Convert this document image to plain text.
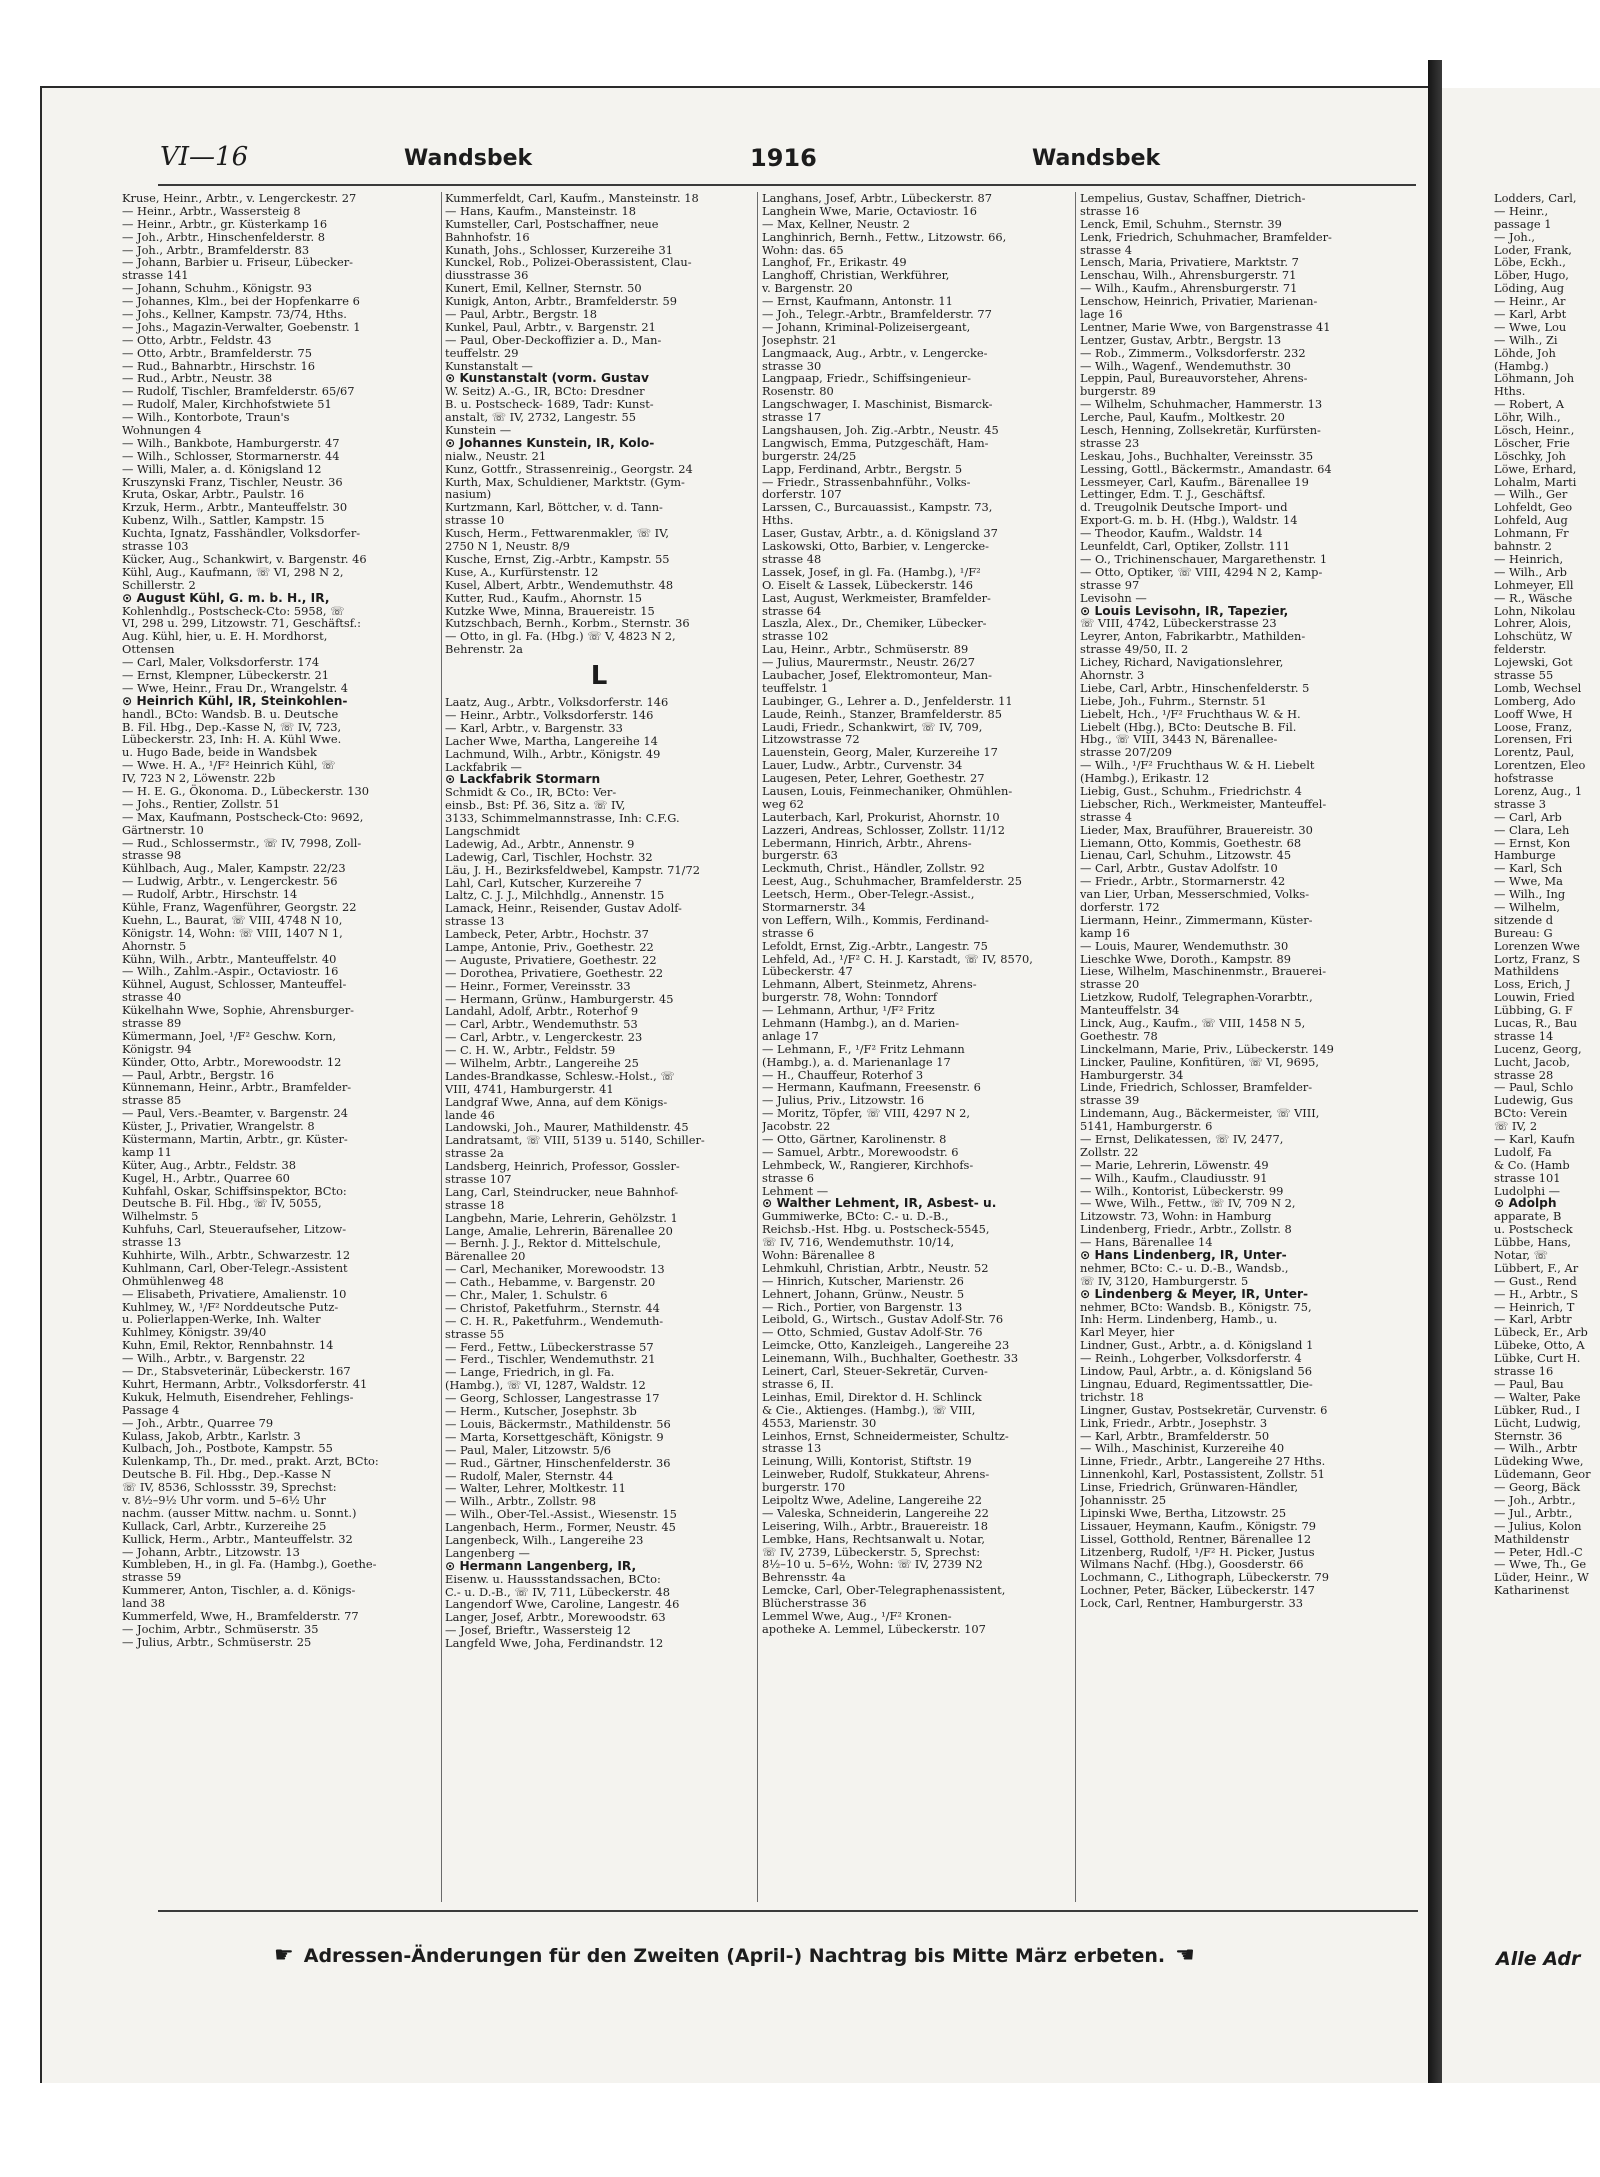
VI—16	Wandsbek	1916	Wandsbek
Kruse, Heinr., Arbtr., v. Lengerckestr. 27
— Heinr., Arbtr., Wassersteig 8
— Heinr., Arbtr., gr. Küsterkamp 16
— Joh., Arbtr., Hinschenfelderstr. 8
— Joh., Arbtr., Bramfelderstr. 83
— Johann, Barbier u. Friseur, Lübecker-
strasse 141
— Johann, Schuhm., Königstr. 93
— Johannes, Klm., bei der Hopfenkarre 6
— Johs., Kellner, Kampstr. 73/74, Hths.
— Johs., Magazin-Verwalter, Goebenstr. 1
— Otto, Arbtr., Feldstr. 43
— Otto, Arbtr., Bramfelderstr. 75
— Rud., Bahnarbtr., Hirschstr. 16
— Rud., Arbtr., Neustr. 38
— Rudolf, Tischler, Bramfelderstr. 65/67
— Rudolf, Maler, Kirchhofstwiete 51
— Wilh., Kontorbote, Traun's
Wohnungen 4
— Wilh., Bankbote, Hamburgerstr. 47
— Wilh., Schlosser, Stormarnerstr. 44
— Willi, Maler, a. d. Königsland 12
Kruszynski Franz, Tischler, Neustr. 36
Kruta, Oskar, Arbtr., Paulstr. 16
Krzuk, Herm., Arbtr., Manteuffelstr. 30
Kubenz, Wilh., Sattler, Kampstr. 15
Kuchta, Ignatz, Fasshändler, Volksdorfer-
strasse 103
Kücker, Aug., Schankwirt, v. Bargenstr. 46
Kühl, Aug., Kaufmann, ☏ VI, 298 N 2,
Schillerstr. 2
⊙ August Kühl, G. m. b. H., IR,
Kohlenhdlg., Postscheck-Cto: 5958, ☏
VI, 298 u. 299, Litzowstr. 71, Geschäftsf.:
Aug. Kühl, hier, u. E. H. Mordhorst,
Ottensen
— Carl, Maler, Volksdorferstr. 174
— Ernst, Klempner, Lübeckerstr. 21
— Wwe, Heinr., Frau Dr., Wrangelstr. 4
⊙ Heinrich Kühl, IR, Steinkohlen-
handl., BCto: Wandsb. B. u. Deutsche
B. Fil. Hbg., Dep.-Kasse N, ☏ IV, 723,
Lübeckerstr. 23, Inh: H. A. Kühl Wwe.
u. Hugo Bade, beide in Wandsbek
— Wwe. H. A., ¹/F² Heinrich Kühl, ☏
IV, 723 N 2, Löwenstr. 22b
— H. E. G., Ökonoma. D., Lübeckerstr. 130
— Johs., Rentier, Zollstr. 51
— Max, Kaufmann, Postscheck-Cto: 9692,
Gärtnerstr. 10
— Rud., Schlossermstr., ☏ IV, 7998, Zoll-
strasse 98
Kühlbach, Aug., Maler, Kampstr. 22/23
— Ludwig, Arbtr., v. Lengerckestr. 56
— Rudolf, Arbtr., Hirschstr. 14
Kühle, Franz, Wagenführer, Georgstr. 22
Kuehn, L., Baurat, ☏ VIII, 4748 N 10,
Königstr. 14, Wohn: ☏ VIII, 1407 N 1,
Ahornstr. 5
Kühn, Wilh., Arbtr., Manteuffelstr. 40
— Wilh., Zahlm.-Aspir., Octaviostr. 16
Kühnel, August, Schlosser, Manteuffel-
strasse 40
Kükelhahn Wwe, Sophie, Ahrensburger-
strasse 89
Kümermann, Joel, ¹/F² Geschw. Korn,
Königstr. 94
Künder, Otto, Arbtr., Morewoodstr. 12
— Paul, Arbtr., Bergstr. 16
Künnemann, Heinr., Arbtr., Bramfelder-
strasse 85
— Paul, Vers.-Beamter, v. Bargenstr. 24
Küster, J., Privatier, Wrangelstr. 8
Küstermann, Martin, Arbtr., gr. Küster-
kamp 11
Küter, Aug., Arbtr., Feldstr. 38
Kugel, H., Arbtr., Quarree 60
Kuhfahl, Oskar, Schiffsinspektor, BCto:
Deutsche B. Fil. Hbg., ☏ IV, 5055,
Wilhelmstr. 5
Kuhfuhs, Carl, Steueraufseher, Litzow-
strasse 13
Kuhhirte, Wilh., Arbtr., Schwarzestr. 12
Kuhlmann, Carl, Ober-Telegr.-Assistent
Ohmühlenweg 48
— Elisabeth, Privatiere, Amalienstr. 10
Kuhlmey, W., ¹/F² Norddeutsche Putz-
u. Polierlappen-Werke, Inh. Walter
Kuhlmey, Königstr. 39/40
Kuhn, Emil, Rektor, Rennbahnstr. 14
— Wilh., Arbtr., v. Bargenstr. 22
— Dr., Stabsveterinär, Lübeckerstr. 167
Kuhrt, Hermann, Arbtr., Volksdorferstr. 41
Kukuk, Helmuth, Eisendreher, Fehlings-
Passage 4
— Joh., Arbtr., Quarree 79
Kulass, Jakob, Arbtr., Karlstr. 3
Kulbach, Joh., Postbote, Kampstr. 55
Kulenkamp, Th., Dr. med., prakt. Arzt, BCto:
Deutsche B. Fil. Hbg., Dep.-Kasse N
☏ IV, 8536, Schlossstr. 39, Sprechst:
v. 8½–9½ Uhr vorm. und 5–6½ Uhr
nachm. (ausser Mittw. nachm. u. Sonnt.)
Kullack, Carl, Arbtr., Kurzereihe 25
Kullick, Herm., Arbtr., Manteuffelstr. 32
— Johann, Arbtr., Litzowstr. 13
Kumbleben, H., in gl. Fa. (Hambg.), Goethe-
strasse 59
Kummerer, Anton, Tischler, a. d. Königs-
land 38
Kummerfeld, Wwe, H., Bramfelderstr. 77
— Jochim, Arbtr., Schmüserstr. 35
— Julius, Arbtr., Schmüserstr. 25
Kummerfeldt, Carl, Kaufm., Mansteinstr. 18
— Hans, Kaufm., Mansteinstr. 18
Kumsteller, Carl, Postschaffner, neue
Bahnhofstr. 16
Kunath, Johs., Schlosser, Kurzereihe 31
Kunckel, Rob., Polizei-Oberassistent, Clau-
diusstrasse 36
Kunert, Emil, Kellner, Sternstr. 50
Kunigk, Anton, Arbtr., Bramfelderstr. 59
— Paul, Arbtr., Bergstr. 18
Kunkel, Paul, Arbtr., v. Bargenstr. 21
— Paul, Ober-Deckoffizier a. D., Man-
teuffelstr. 29
Kunstanstalt —
⊙ Kunstanstalt (vorm. Gustav
W. Seitz) A.-G., IR, BCto: Dresdner
B. u. Postscheck- 1689, Tadr: Kunst-
anstalt, ☏ IV, 2732, Langestr. 55
Kunstein —
⊙ Johannes Kunstein, IR, Kolo-
nialw., Neustr. 21
Kunz, Gottfr., Strassenreinig., Georgstr. 24
Kurth, Max, Schuldiener, Marktstr. (Gym-
nasium)
Kurtzmann, Karl, Böttcher, v. d. Tann-
strasse 10
Kusch, Herm., Fettwarenmakler, ☏ IV,
2750 N 1, Neustr. 8/9
Kusche, Ernst, Zig.-Arbtr., Kampstr. 55
Kuse, A., Kurfürstenstr. 12
Kusel, Albert, Arbtr., Wendemuthstr. 48
Kutter, Rud., Kaufm., Ahornstr. 15
Kutzke Wwe, Minna, Brauereistr. 15
Kutzschbach, Bernh., Korbm., Sternstr. 36
— Otto, in gl. Fa. (Hbg.) ☏ V, 4823 N 2,
Behrenstr. 2a
L
Laatz, Aug., Arbtr., Volksdorferstr. 146
— Heinr., Arbtr., Volksdorferstr. 146
— Karl, Arbtr., v. Bargenstr. 33
Lacher Wwe, Martha, Langereihe 14
Lachmund, Wilh., Arbtr., Königstr. 49
Lackfabrik —
⊙ Lackfabrik Stormarn
Schmidt & Co., IR, BCto: Ver-
einsb., Bst: Pf. 36, Sitz a. ☏ IV,
3133, Schimmelmannstrasse, Inh: C.F.G.
Langschmidt
Ladewig, Ad., Arbtr., Annenstr. 9
Ladewig, Carl, Tischler, Hochstr. 32
Läu, J. H., Bezirksfeldwebel, Kampstr. 71/72
Lahl, Carl, Kutscher, Kurzereihe 7
Laltz, C. J. J., Milchhdlg., Annenstr. 15
Lamack, Heinr., Reisender, Gustav Adolf-
strasse 13
Lambeck, Peter, Arbtr., Hochstr. 37
Lampe, Antonie, Priv., Goethestr. 22
— Auguste, Privatiere, Goethestr. 22
— Dorothea, Privatiere, Goethestr. 22
— Heinr., Former, Vereinsstr. 33
— Hermann, Grünw., Hamburgerstr. 45
Landahl, Adolf, Arbtr., Roterhof 9
— Carl, Arbtr., Wendemuthstr. 53
— Carl, Arbtr., v. Lengerckestr. 23
— C. H. W., Arbtr., Feldstr. 59
— Wilhelm, Arbtr., Langereihe 25
Landes-Brandkasse, Schlesw.-Holst., ☏
VIII, 4741, Hamburgerstr. 41
Landgraf Wwe, Anna, auf dem Königs-
lande 46
Landowski, Joh., Maurer, Mathildenstr. 45
Landratsamt, ☏ VIII, 5139 u. 5140, Schiller-
strasse 2a
Landsberg, Heinrich, Professor, Gossler-
strasse 107
Lang, Carl, Steindrucker, neue Bahnhof-
strasse 18
Langbehn, Marie, Lehrerin, Gehölzstr. 1
Lange, Amalie, Lehrerin, Bärenallee 20
— Bernh. J. J., Rektor d. Mittelschule,
Bärenallee 20
— Carl, Mechaniker, Morewoodstr. 13
— Cath., Hebamme, v. Bargenstr. 20
— Chr., Maler, 1. Schulstr. 6
— Christof, Paketfuhrm., Sternstr. 44
— C. H. R., Paketfuhrm., Wendemuth-
strasse 55
— Ferd., Fettw., Lübeckerstrasse 57
— Ferd., Tischler, Wendemuthstr. 21
— Lange, Friedrich, in gl. Fa.
(Hambg.), ☏ VI, 1287, Waldstr. 12
— Georg, Schlosser, Langestrasse 17
— Herm., Kutscher, Josephstr. 3b
— Louis, Bäckermstr., Mathildenstr. 56
— Marta, Korsettgeschäft, Königstr. 9
— Paul, Maler, Litzowstr. 5/6
— Rud., Gärtner, Hinschenfelderstr. 36
— Rudolf, Maler, Sternstr. 44
— Walter, Lehrer, Moltkestr. 11
— Wilh., Arbtr., Zollstr. 98
— Wilh., Ober-Tel.-Assist., Wiesenstr. 15
Langenbach, Herm., Former, Neustr. 45
Langenbeck, Wilh., Langereihe 23
Langenberg —
⊙ Hermann Langenberg, IR,
Eisenw. u. Haussstandssachen, BCto:
C.- u. D.-B., ☏ IV, 711, Lübeckerstr. 48
Langendorf Wwe, Caroline, Langestr. 46
Langer, Josef, Arbtr., Morewoodstr. 63
— Josef, Brieftr., Wassersteig 12
Langfeld Wwe, Joha, Ferdinandstr. 12
Langhans, Josef, Arbtr., Lübeckerstr. 87
Langhein Wwe, Marie, Octaviostr. 16
— Max, Kellner, Neustr. 2
Langhinrich, Bernh., Fettw., Litzowstr. 66,
Wohn: das. 65
Langhof, Fr., Erikastr. 49
Langhoff, Christian, Werkführer,
v. Bargenstr. 20
— Ernst, Kaufmann, Antonstr. 11
— Joh., Telegr.-Arbtr., Bramfelderstr. 77
— Johann, Kriminal-Polizeisergeant,
Josephstr. 21
Langmaack, Aug., Arbtr., v. Lengercke-
strasse 30
Langpaap, Friedr., Schiffsingenieur-
Rosenstr. 80
Langschwager, I. Maschinist, Bismarck-
strasse 17
Langshausen, Joh. Zig.-Arbtr., Neustr. 45
Langwisch, Emma, Putzgeschäft, Ham-
burgerstr. 24/25
Lapp, Ferdinand, Arbtr., Bergstr. 5
— Friedr., Strassenbahnführ., Volks-
dorferstr. 107
Larssen, C., Burcauassist., Kampstr. 73,
Hths.
Laser, Gustav, Arbtr., a. d. Königsland 37
Laskowski, Otto, Barbier, v. Lengercke-
strasse 48
Lassek, Josef, in gl. Fa. (Hambg.), ¹/F²
O. Eiselt & Lassek, Lübeckerstr. 146
Last, August, Werkmeister, Bramfelder-
strasse 64
Laszla, Alex., Dr., Chemiker, Lübecker-
strasse 102
Lau, Heinr., Arbtr., Schmüserstr. 89
— Julius, Maurermstr., Neustr. 26/27
Laubacher, Josef, Elektromonteur, Man-
teuffelstr. 1
Laubinger, G., Lehrer a. D., Jenfelderstr. 11
Laude, Reinh., Stanzer, Bramfelderstr. 85
Laudi, Friedr., Schankwirt, ☏ IV, 709,
Litzowstrasse 72
Lauenstein, Georg, Maler, Kurzereihe 17
Lauer, Ludw., Arbtr., Curvenstr. 34
Laugesen, Peter, Lehrer, Goethestr. 27
Lausen, Louis, Feinmechaniker, Ohmühlen-
weg 62
Lauterbach, Karl, Prokurist, Ahornstr. 10
Lazzeri, Andreas, Schlosser, Zollstr. 11/12
Lebermann, Hinrich, Arbtr., Ahrens-
burgerstr. 63
Leckmuth, Christ., Händler, Zollstr. 92
Leest, Aug., Schuhmacher, Bramfelderstr. 25
Leetsch, Herm., Ober-Telegr.-Assist.,
Stormarnerstr. 34
von Leffern, Wilh., Kommis, Ferdinand-
strasse 6
Lefoldt, Ernst, Zig.-Arbtr., Langestr. 75
Lehfeld, Ad., ¹/F² C. H. J. Karstadt, ☏ IV, 8570,
Lübeckerstr. 47
Lehmann, Albert, Steinmetz, Ahrens-
burgerstr. 78, Wohn: Tonndorf
— Lehmann, Arthur, ¹/F² Fritz
Lehmann (Hambg.), an d. Marien-
anlage 17
— Lehmann, F., ¹/F² Fritz Lehmann
(Hambg.), a. d. Marienanlage 17
— H., Chauffeur, Roterhof 3
— Hermann, Kaufmann, Freesenstr. 6
— Julius, Priv., Litzowstr. 16
— Moritz, Töpfer, ☏ VIII, 4297 N 2,
Jacobstr. 22
— Otto, Gärtner, Karolinenstr. 8
— Samuel, Arbtr., Morewoodstr. 6
Lehmbeck, W., Rangierer, Kirchhofs-
strasse 6
Lehment —
⊙ Walther Lehment, IR, Asbest- u.
Gummiwerke, BCto: C.- u. D.-B.,
Reichsb.-Hst. Hbg. u. Postscheck-5545,
☏ IV, 716, Wendemuthstr. 10/14,
Wohn: Bärenallee 8
Lehmkuhl, Christian, Arbtr., Neustr. 52
— Hinrich, Kutscher, Marienstr. 26
Lehnert, Johann, Grünw., Neustr. 5
— Rich., Portier, von Bargenstr. 13
Leibold, G., Wirtsch., Gustav Adolf-Str. 76
— Otto, Schmied, Gustav Adolf-Str. 76
Leimcke, Otto, Kanzleigeh., Langereihe 23
Leinemann, Wilh., Buchhalter, Goethestr. 33
Leinert, Carl, Steuer-Sekretär, Curven-
strasse 6, II.
Leinhas, Emil, Direktor d. H. Schlinck
& Cie., Aktienges. (Hambg.), ☏ VIII,
4553, Marienstr. 30
Leinhos, Ernst, Schneidermeister, Schultz-
strasse 13
Leinung, Willi, Kontorist, Stiftstr. 19
Leinweber, Rudolf, Stukkateur, Ahrens-
burgerstr. 170
Leipoltz Wwe, Adeline, Langereihe 22
— Valeska, Schneiderin, Langereihe 22
Leisering, Wilh., Arbtr., Brauereistr. 18
Lembke, Hans, Rechtsanwalt u. Notar,
☏ IV, 2739, Lübeckerstr. 5, Sprechst:
8½–10 u. 5–6½, Wohn: ☏ IV, 2739 N2
Behrensstr. 4a
Lemcke, Carl, Ober-Telegraphenassistent,
Blücherstrasse 36
Lemmel Wwe, Aug., ¹/F² Kronen-
apotheke A. Lemmel, Lübeckerstr. 107
Lempelius, Gustav, Schaffner, Dietrich-
strasse 16
Lenck, Emil, Schuhm., Sternstr. 39
Lenk, Friedrich, Schuhmacher, Bramfelder-
strasse 4
Lensch, Maria, Privatiere, Marktstr. 7
Lenschau, Wilh., Ahrensburgerstr. 71
— Wilh., Kaufm., Ahrensburgerstr. 71
Lenschow, Heinrich, Privatier, Marienan-
lage 16
Lentner, Marie Wwe, von Bargenstrasse 41
Lentzer, Gustav, Arbtr., Bergstr. 13
— Rob., Zimmerm., Volksdorferstr. 232
— Wilh., Wagenf., Wendemuthstr. 30
Leppin, Paul, Bureauvorsteher, Ahrens-
burgerstr. 89
— Wilhelm, Schuhmacher, Hammerstr. 13
Lerche, Paul, Kaufm., Moltkestr. 20
Lesch, Henning, Zollsekretär, Kurfürsten-
strasse 23
Leskau, Johs., Buchhalter, Vereinsstr. 35
Lessing, Gottl., Bäckermstr., Amandastr. 64
Lessmeyer, Carl, Kaufm., Bärenallee 19
Lettinger, Edm. T. J., Geschäftsf.
d. Treugolnik Deutsche Import- und
Export-G. m. b. H. (Hbg.), Waldstr. 14
— Theodor, Kaufm., Waldstr. 14
Leunfeldt, Carl, Optiker, Zollstr. 111
— O., Trichinenschauer, Margarethenstr. 1
— Otto, Optiker, ☏ VIII, 4294 N 2, Kamp-
strasse 97
Levisohn —
⊙ Louis Levisohn, IR, Tapezier,
☏ VIII, 4742, Lübeckerstrasse 23
Leyrer, Anton, Fabrikarbtr., Mathilden-
strasse 49/50, II. 2
Lichey, Richard, Navigationslehrer,
Ahornstr. 3
Liebe, Carl, Arbtr., Hinschenfelderstr. 5
Liebe, Joh., Fuhrm., Sternstr. 51
Liebelt, Hch., ¹/F² Fruchthaus W. & H.
Liebelt (Hbg.), BCto: Deutsche B. Fil.
Hbg., ☏ VIII, 3443 N, Bärenallee-
strasse 207/209
— Wilh., ¹/F² Fruchthaus W. & H. Liebelt
(Hambg.), Erikastr. 12
Liebig, Gust., Schuhm., Friedrichstr. 4
Liebscher, Rich., Werkmeister, Manteuffel-
strasse 4
Lieder, Max, Brauführer, Brauereistr. 30
Liemann, Otto, Kommis, Goethestr. 68
Lienau, Carl, Schuhm., Litzowstr. 45
— Carl, Arbtr., Gustav Adolfstr. 10
— Friedr., Arbtr., Stormarnerstr. 42
van Lier, Urban, Messerschmied, Volks-
dorferstr. 172
Liermann, Heinr., Zimmermann, Küster-
kamp 16
— Louis, Maurer, Wendemuthstr. 30
Lieschke Wwe, Doroth., Kampstr. 89
Liese, Wilhelm, Maschinenmstr., Brauerei-
strasse 20
Lietzkow, Rudolf, Telegraphen-Vorarbtr.,
Manteuffelstr. 34
Linck, Aug., Kaufm., ☏ VIII, 1458 N 5,
Goethestr. 78
Linckelmann, Marie, Priv., Lübeckerstr. 149
Lincker, Pauline, Konfitüren, ☏ VI, 9695,
Hamburgerstr. 34
Linde, Friedrich, Schlosser, Bramfelder-
strasse 39
Lindemann, Aug., Bäckermeister, ☏ VIII,
5141, Hamburgerstr. 6
— Ernst, Delikatessen, ☏ IV, 2477,
Zollstr. 22
— Marie, Lehrerin, Löwenstr. 49
— Wilh., Kaufm., Claudiusstr. 91
— Wilh., Kontorist, Lübeckerstr. 99
— Wwe, Wilh., Fettw., ☏ IV, 709 N 2,
Litzowstr. 73, Wohn: in Hamburg
Lindenberg, Friedr., Arbtr., Zollstr. 8
— Hans, Bärenallee 14
⊙ Hans Lindenberg, IR, Unter-
nehmer, BCto: C.- u. D.-B., Wandsb.,
☏ IV, 3120, Hamburgerstr. 5
⊙ Lindenberg & Meyer, IR, Unter-
nehmer, BCto: Wandsb. B., Königstr. 75,
Inh: Herm. Lindenberg, Hamb., u.
Karl Meyer, hier
Lindner, Gust., Arbtr., a. d. Königsland 1
— Reinh., Lohgerber, Volksdorferstr. 4
Lindow, Paul, Arbtr., a. d. Königsland 56
Lingnau, Eduard, Regimentssattler, Die-
trichstr. 18
Lingner, Gustav, Postsekretär, Curvenstr. 6
Link, Friedr., Arbtr., Josephstr. 3
— Karl, Arbtr., Bramfelderstr. 50
— Wilh., Maschinist, Kurzereihe 40
Linne, Friedr., Arbtr., Langereihe 27 Hths.
Linnenkohl, Karl, Postassistent, Zollstr. 51
Linse, Friedrich, Grünwaren-Händler,
Johannisstr. 25
Lipinski Wwe, Bertha, Litzowstr. 25
Lissauer, Heymann, Kaufm., Königstr. 79
Lissel, Gotthold, Rentner, Bärenallee 12
Litzenberg, Rudolf, ¹/F² H. Picker, Justus
Wilmans Nachf. (Hbg.), Goosderstr. 66
Lochmann, C., Lithograph, Lübeckerstr. 79
Lochner, Peter, Bäcker, Lübeckerstr. 147
Lock, Carl, Rentner, Hamburgerstr. 33
Lodders, Carl,
— Heinr.,
passage 1
— Joh.,
Loder, Frank,
Löbe, Eckh.,
Löber, Hugo,
Löding, Aug
— Heinr., Ar
— Karl, Arbt
— Wwe, Lou
— Wilh., Zi
Löhde, Joh
(Hambg.)
Löhmann, Joh
Hths.
— Robert, A
Löhr, Wilh.,
Lösch, Heinr.,
Löscher, Frie
Löschky, Joh
Löwe, Erhard,
Lohalm, Marti
— Wilh., Ger
Lohfeldt, Geo
Lohfeld, Aug
Lohmann, Fr
bahnstr. 2
— Heinrich,
— Wilh., Arb
Lohmeyer, Ell
— R., Wäsche
Lohn, Nikolau
Lohrer, Alois,
Lohschütz, W
felderstr.
Lojewski, Got
strasse 55
Lomb, Wechsel
Lomberg, Ado
Looff Wwe, H
Loose, Franz,
Lorensen, Fri
Lorentz, Paul,
Lorentzen, Eleo
hofstrasse
Lorenz, Aug., 1
strasse 3
— Carl, Arb
— Clara, Leh
— Ernst, Kon
Hamburge
— Karl, Sch
— Wwe, Ma
— Wilh., Ing
— Wilhelm,
sitzende d
Bureau: G
Lorenzen Wwe
Lortz, Franz, S
Mathildens
Loss, Erich, J
Louwin, Fried
Lübbing, G. F
Lucas, R., Bau
strasse 14
Lucenz, Georg,
Lucht, Jacob,
strasse 28
— Paul, Schlo
Ludewig, Gus
BCto: Verein
☏ IV, 2
— Karl, Kaufn
Ludolf, Fa
& Co. (Hamb
strasse 101
Ludolphi —
⊙ Adolph
apparate, B
u. Postscheck
Lübbe, Hans,
Notar, ☏
Lübbert, F., Ar
— Gust., Rend
— H., Arbtr., S
— Heinrich, T
— Karl, Arbtr
Lübeck, Er., Arb
Lübeke, Otto, A
Lübke, Curt H.
strasse 16
— Paul, Bau
— Walter, Pake
Lübker, Rud., I
Lücht, Ludwig,
Sternstr. 36
— Wilh., Arbtr
Lüdeking Wwe,
Lüdemann, Geor
— Georg, Bäck
— Joh., Arbtr.,
— Jul., Arbtr.,
— Julius, Kolon
Mathildenstr
— Peter, Hdl.-C
— Wwe, Th., Ge
Lüder, Heinr., W
Katharinenst
☛ Adressen-Änderungen für den Zweiten (April-) Nachtrag bis Mitte März erbeten. ☚	Alle Adr
